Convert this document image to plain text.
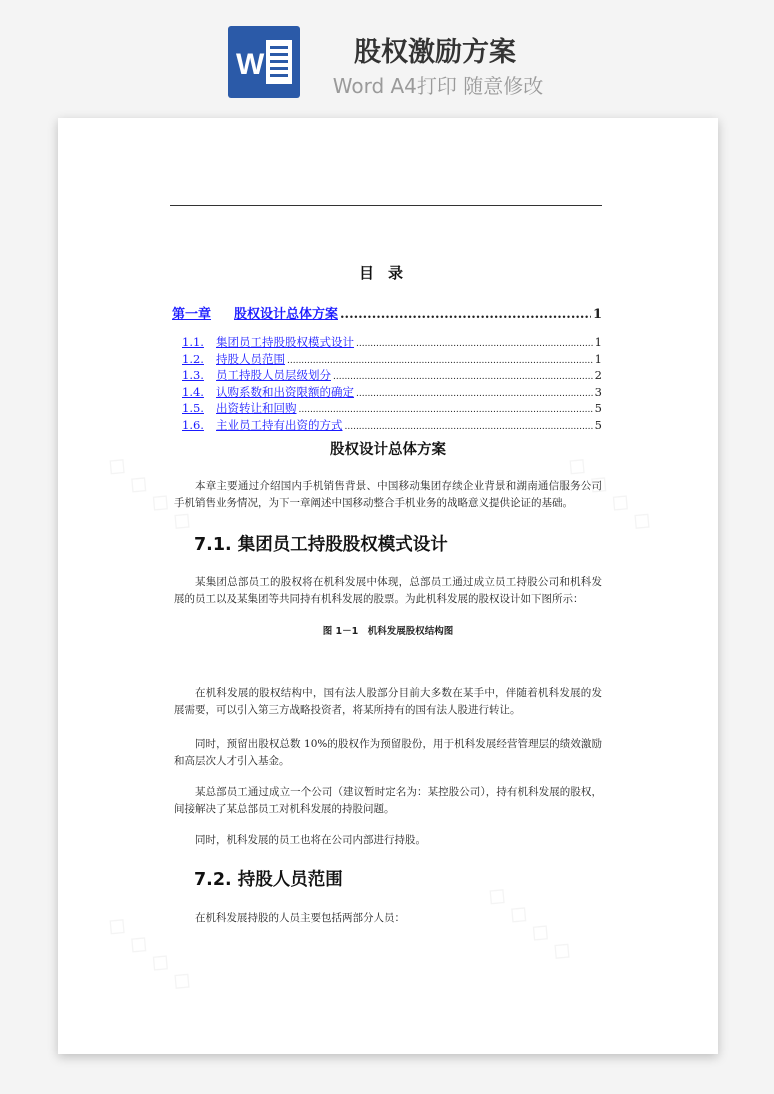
W	股权激励方案
Word A4打印 随意修改
目录
第一章	股权设计总体方案 .....	1
1.1.	集团员工持股股权模式设计 .....	1
1.2.	持股人员范围 .....	1
1.3.	员工持股人员层级划分 .....	2
1.4.	认购系数和出资限额的确定 .....	3
1.5.	出资转让和回购 .....	5
1.6.	主业员工持有出资的方式 .....	5
股权设计总体方案

本章主要通过介绍国内手机销售背景、中国移动集团存续企业背景和湖南通信服务公司手机销售业务情况，为下一章阐述中国移动整合手机业务的战略意义提供论证的基础。

7.1. 集团员工持股股权模式设计

某集团总部员工的股权将在机科发展中体现，总部员工通过成立员工持股公司和机科发展的员工以及某集团等共同持有机科发展的股票。为此机科发展的股权设计如下图所示：

图 1－1　机科发展股权结构图

在机科发展的股权结构中，国有法人股部分目前大多数在某手中，伴随着机科发展的发展需要，可以引入第三方战略投资者，将某所持有的国有法人股进行转让。

同时，预留出股权总数 10%的股权作为预留股份，用于机科发展经营管理层的绩效激励和高层次人才引入基金。

某总部员工通过成立一个公司（建议暂时定名为：某控股公司），持有机科发展的股权，间接解决了某总部员工对机科发展的持股问题。

同时，机科发展的员工也将在公司内部进行持股。

7.2. 持股人员范围

在机科发展持股的人员主要包括两部分人员：
